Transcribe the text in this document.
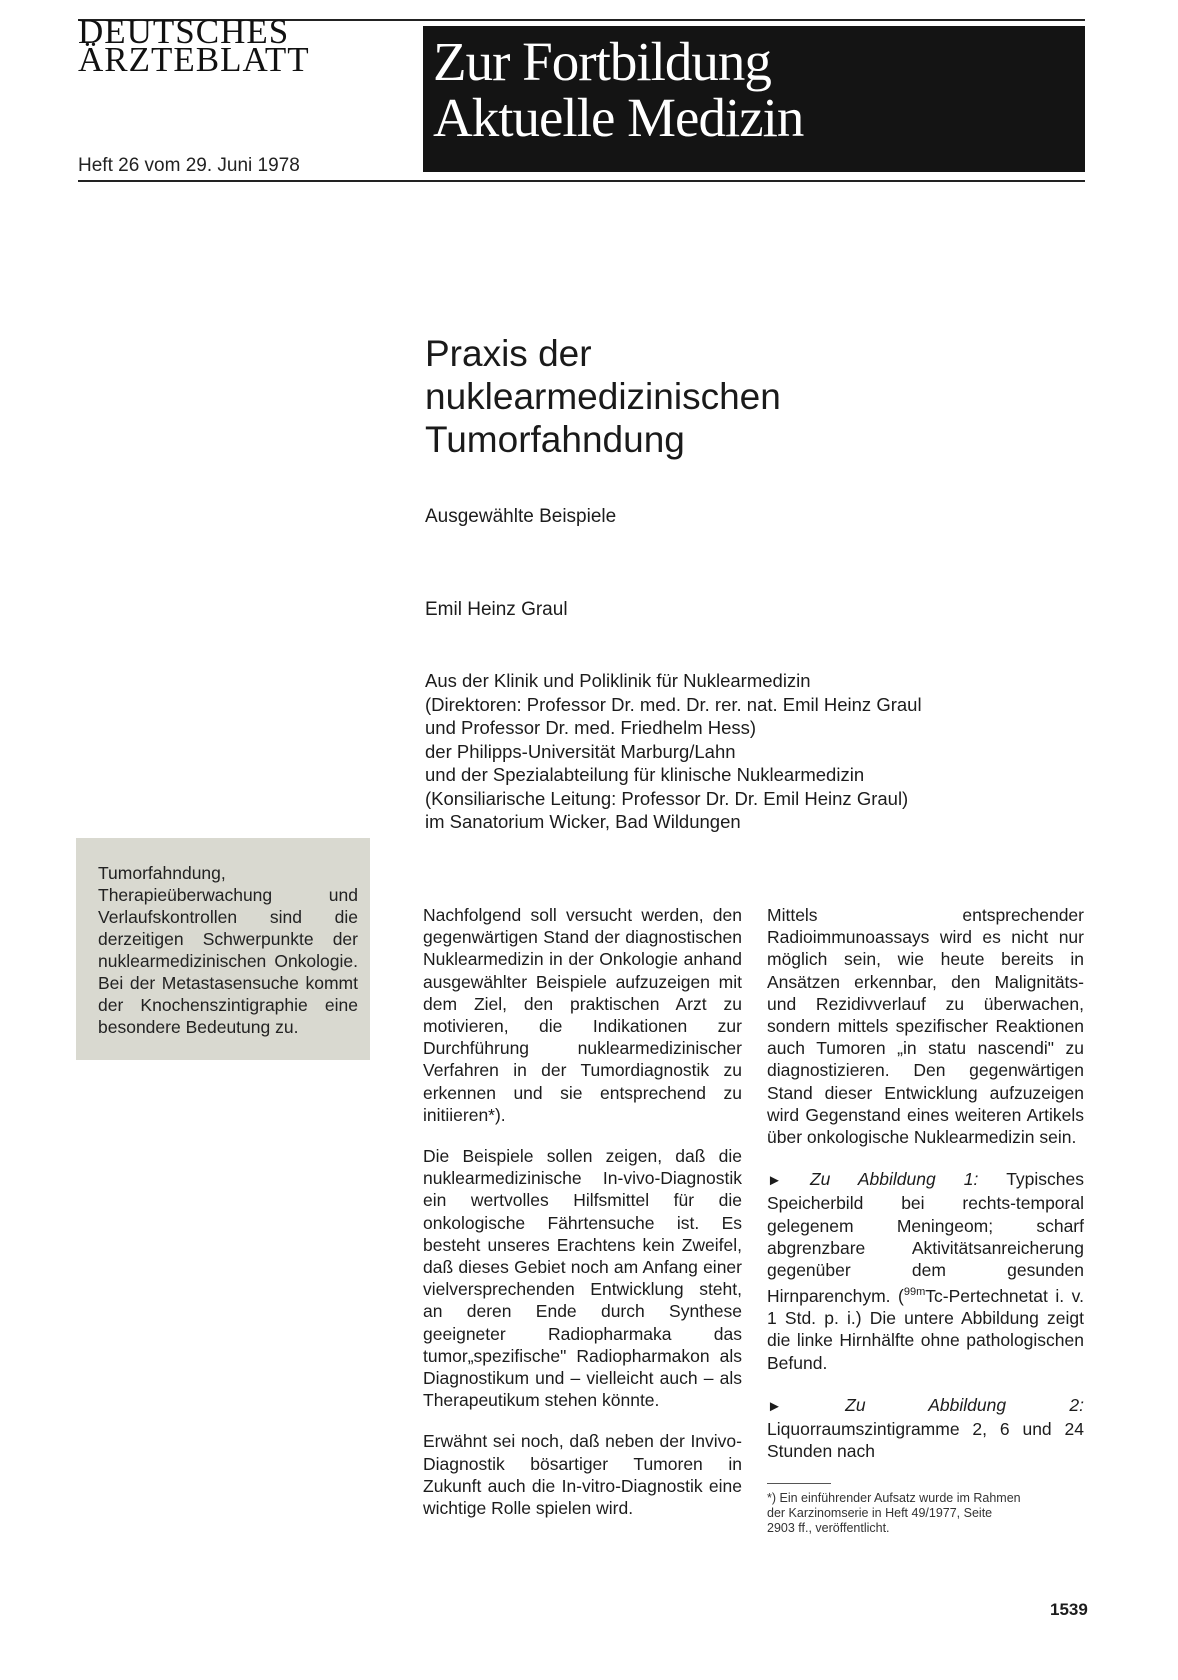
DEUTSCHES
ÄRZTEBLATT
Heft 26 vom 29. Juni 1978
Zur Fortbildung
Aktuelle Medizin
Praxis der
nuklearmedizinischen
Tumorfahndung
Ausgewählte Beispiele
Emil Heinz Graul
Aus der Klinik und Poliklinik für Nuklearmedizin
(Direktoren: Professor Dr. med. Dr. rer. nat. Emil Heinz Graul
und Professor Dr. med. Friedhelm Hess)
der Philipps-Universität Marburg/Lahn
und der Spezialabteilung für klinische Nuklearmedizin
(Konsiliarische Leitung: Professor Dr. Dr. Emil Heinz Graul)
im Sanatorium Wicker, Bad Wildungen
Tumorfahndung, Therapieüberwachung und Verlaufskontrollen sind die derzeitigen Schwerpunkte der nuklearmedizinischen Onkologie. Bei der Metastasensuche kommt der Knochenszintigraphie eine besondere Bedeutung zu.

Nachfolgend soll versucht werden, den gegenwärtigen Stand der diagnostischen Nuklearmedizin in der Onkologie anhand ausgewählter Beispiele aufzuzeigen mit dem Ziel, den praktischen Arzt zu motivieren, die Indikationen zur Durchführung nuklearmedizinischer Verfahren in der Tumordiagnostik zu erkennen und sie entsprechend zu initiieren*).

Die Beispiele sollen zeigen, daß die nuklearmedizinische In-vivo-Diagnostik ein wertvolles Hilfsmittel für die onkologische Fährtensuche ist. Es besteht unseres Erachtens kein Zweifel, daß dieses Gebiet noch am Anfang einer vielversprechenden Entwicklung steht, an deren Ende durch Synthese geeigneter Radiopharmaka das tumor„spezifische" Radiopharmakon als Diagnostikum und – vielleicht auch – als Therapeutikum stehen könnte.

Erwähnt sei noch, daß neben der Invivo-Diagnostik bösartiger Tumoren in Zukunft auch die In-vitro-Diagnostik eine wichtige Rolle spielen wird.

Mittels entsprechender Radioimmunoassays wird es nicht nur möglich sein, wie heute bereits in Ansätzen erkennbar, den Malignitäts- und Rezidivverlauf zu überwachen, sondern mittels spezifischer Reaktionen auch Tumoren „in statu nascendi" zu diagnostizieren. Den gegenwärtigen Stand dieser Entwicklung aufzuzeigen wird Gegenstand eines weiteren Artikels über onkologische Nuklearmedizin sein.

► Zu Abbildung 1: Typisches Speicherbild bei rechts-temporal gelegenem Meningeom; scharf abgrenzbare Aktivitätsanreicherung gegenüber dem gesunden Hirnparenchym. ($^{99m}$Tc-Pertechnetat i. v. 1 Std. p. i.) Die untere Abbildung zeigt die linke Hirnhälfte ohne pathologischen Befund.

►	Zu Abbildung 2: Liquorraumszintigramme 2, 6 und 24 Stunden nach

*) Ein einführender Aufsatz wurde im Rahmen
der Karzinomserie in Heft 49/1977, Seite
2903 ff., veröffentlicht.
1539
